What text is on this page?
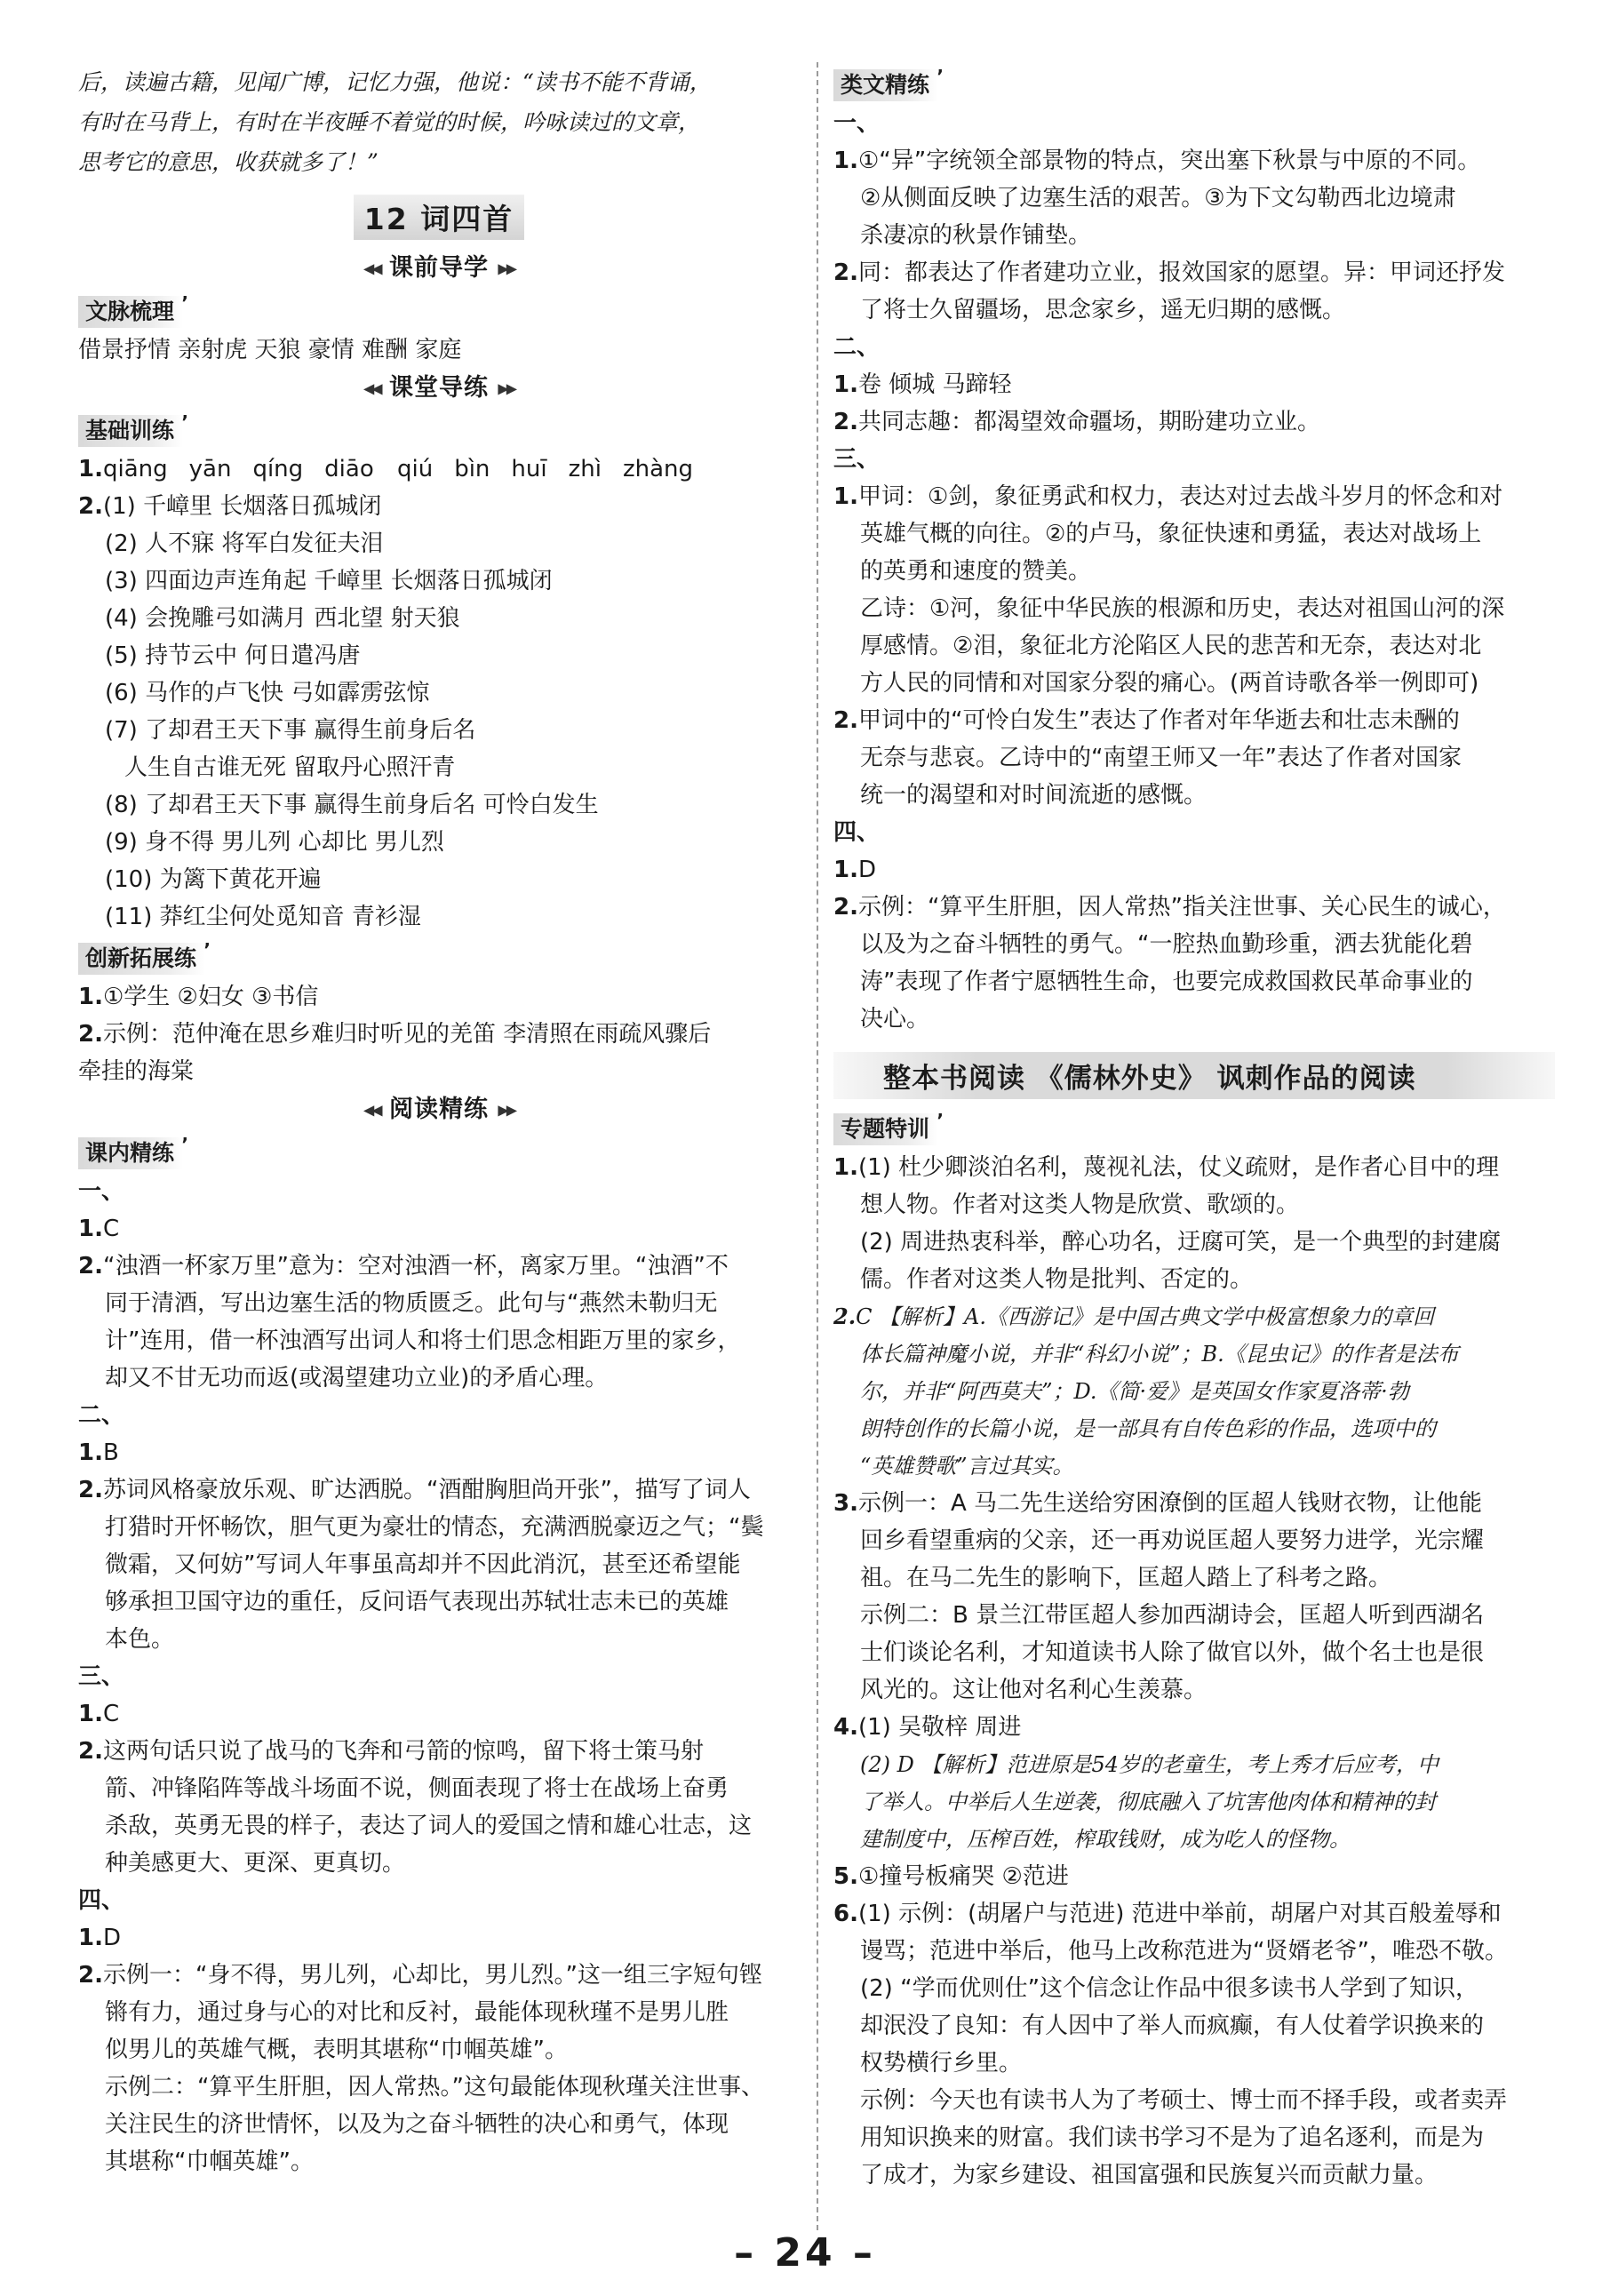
后，读遍古籍，见闻广博，记忆力强，他说：“读书不能不背诵，

有时在马背上，有时在半夜睡不着觉的时候，吟咏读过的文章，

思考它的意思，收获就多了！”

12 词四首
◀◀ 课前导学 ▶▶
文脉梳理 ’

借景抒情 亲射虎 天狼 豪情 难酬 家庭

◀◀ 课堂导练 ▶▶
基础训练 ’

1.qiāng yān qíng diāo qiú bìn huī zhì zhàng

2.(1) 千嶂里 长烟落日孤城闭

(2) 人不寐 将军白发征夫泪

(3) 四面边声连角起 千嶂里 长烟落日孤城闭

(4) 会挽雕弓如满月 西北望 射天狼

(5) 持节云中 何日遣冯唐

(6) 马作的卢飞快 弓如霹雳弦惊

(7) 了却君王天下事 赢得生前身后名

人生自古谁无死 留取丹心照汗青

(8) 了却君王天下事 赢得生前身后名 可怜白发生

(9) 身不得 男儿列 心却比 男儿烈

(10) 为篱下黄花开遍

(11) 莽红尘何处觅知音 青衫湿

创新拓展练 ’

1.①学生 ②妇女 ③书信

2.示例：范仲淹在思乡难归时听见的羌笛 李清照在雨疏风骤后

牵挂的海棠

◀◀ 阅读精练 ▶▶
课内精练 ’

一、

1.C

2.“浊酒一杯家万里”意为：空对浊酒一杯，离家万里。“浊酒”不

同于清酒，写出边塞生活的物质匮乏。此句与“燕然未勒归无

计”连用，借一杯浊酒写出词人和将士们思念相距万里的家乡，

却又不甘无功而返(或渴望建功立业)的矛盾心理。

二、

1.B

2.苏词风格豪放乐观、旷达洒脱。“酒酣胸胆尚开张”，描写了词人

打猎时开怀畅饮，胆气更为豪壮的情态，充满洒脱豪迈之气；“鬓

微霜，又何妨”写词人年事虽高却并不因此消沉，甚至还希望能

够承担卫国守边的重任，反问语气表现出苏轼壮志未已的英雄

本色。

三、

1.C

2.这两句话只说了战马的飞奔和弓箭的惊鸣，留下将士策马射

箭、冲锋陷阵等战斗场面不说，侧面表现了将士在战场上奋勇

杀敌，英勇无畏的样子，表达了词人的爱国之情和雄心壮志，这

种美感更大、更深、更真切。

四、

1.D

2.示例一：“身不得，男儿列，心却比，男儿烈。”这一组三字短句铿

锵有力，通过身与心的对比和反衬，最能体现秋瑾不是男儿胜

似男儿的英雄气概，表明其堪称“巾帼英雄”。

示例二：“算平生肝胆，因人常热。”这句最能体现秋瑾关注世事、

关注民生的济世情怀，以及为之奋斗牺牲的决心和勇气，体现

其堪称“巾帼英雄”。

类文精练 ’

一、

1.①“异”字统领全部景物的特点，突出塞下秋景与中原的不同。

②从侧面反映了边塞生活的艰苦。③为下文勾勒西北边境肃

杀凄凉的秋景作铺垫。

2.同：都表达了作者建功立业，报效国家的愿望。异：甲词还抒发

了将士久留疆场，思念家乡，遥无归期的感慨。

二、

1.卷 倾城 马蹄轻

2.共同志趣：都渴望效命疆场，期盼建功立业。

三、

1.甲词：①剑，象征勇武和权力，表达对过去战斗岁月的怀念和对

英雄气概的向往。②的卢马，象征快速和勇猛，表达对战场上

的英勇和速度的赞美。

乙诗：①河，象征中华民族的根源和历史，表达对祖国山河的深

厚感情。②泪，象征北方沦陷区人民的悲苦和无奈，表达对北

方人民的同情和对国家分裂的痛心。(两首诗歌各举一例即可)

2.甲词中的“可怜白发生”表达了作者对年华逝去和壮志未酬的

无奈与悲哀。乙诗中的“南望王师又一年”表达了作者对国家

统一的渴望和对时间流逝的感慨。

四、

1.D

2.示例：“算平生肝胆，因人常热”指关注世事、关心民生的诚心，

以及为之奋斗牺牲的勇气。“一腔热血勤珍重，洒去犹能化碧

涛”表现了作者宁愿牺牲生命，也要完成救国救民革命事业的

决心。

整本书阅读 《儒林外史》 讽刺作品的阅读
专题特训 ’

1.(1) 杜少卿淡泊名利，蔑视礼法，仗义疏财，是作者心目中的理

想人物。作者对这类人物是欣赏、歌颂的。

(2) 周进热衷科举，醉心功名，迂腐可笑，是一个典型的封建腐

儒。作者对这类人物是批判、否定的。

2.C 【解析】A.《西游记》是中国古典文学中极富想象力的章回

体长篇神魔小说，并非“科幻小说”；B.《昆虫记》的作者是法布

尔，并非“阿西莫夫”；D.《简·爱》是英国女作家夏洛蒂·勃

朗特创作的长篇小说，是一部具有自传色彩的作品，选项中的

“英雄赞歌”言过其实。

3.示例一：A 马二先生送给穷困潦倒的匡超人钱财衣物，让他能

回乡看望重病的父亲，还一再劝说匡超人要努力进学，光宗耀

祖。在马二先生的影响下，匡超人踏上了科考之路。

示例二：B 景兰江带匡超人参加西湖诗会，匡超人听到西湖名

士们谈论名利，才知道读书人除了做官以外，做个名士也是很

风光的。这让他对名利心生羡慕。

4.(1) 吴敬梓 周进

(2) D 【解析】范进原是54岁的老童生，考上秀才后应考，中

了举人。中举后人生逆袭，彻底融入了坑害他肉体和精神的封

建制度中，压榨百姓，榨取钱财，成为吃人的怪物。

5.①撞号板痛哭 ②范进

6.(1) 示例：(胡屠户与范进) 范进中举前，胡屠户对其百般羞辱和

谩骂；范进中举后，他马上改称范进为“贤婿老爷”，唯恐不敬。

(2) “学而优则仕”这个信念让作品中很多读书人学到了知识，

却泯没了良知：有人因中了举人而疯癫，有人仗着学识换来的

权势横行乡里。

示例：今天也有读书人为了考硕士、博士而不择手段，或者卖弄

用知识换来的财富。我们读书学习不是为了追名逐利，而是为

了成才，为家乡建设、祖国富强和民族复兴而贡献力量。

– 24 –
